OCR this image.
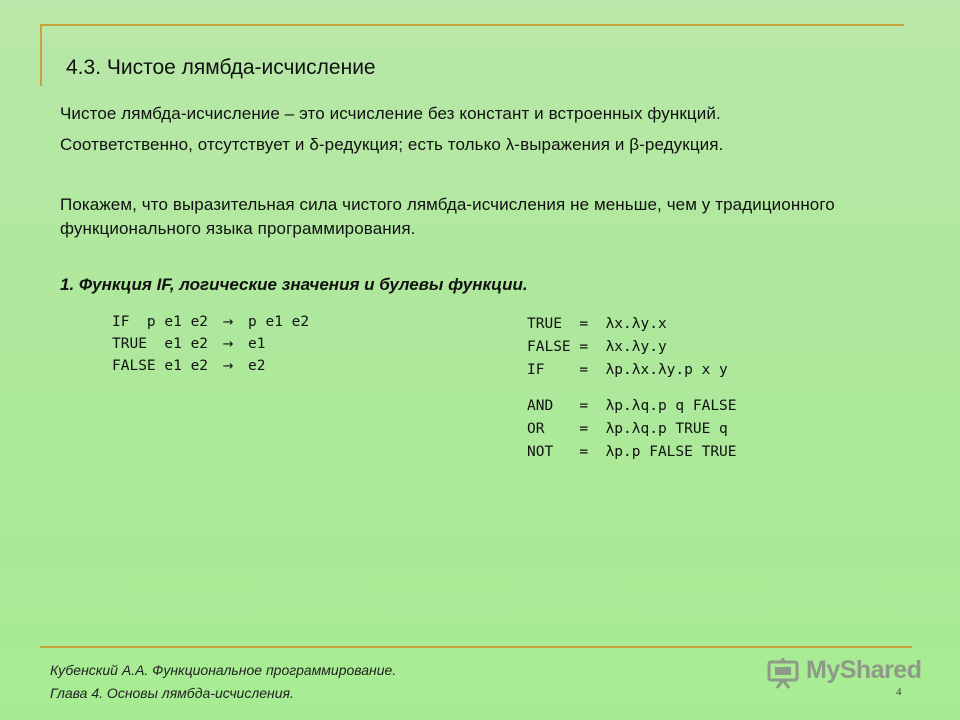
4.3. Чистое лямбда-исчисление
Чистое лямбда-исчисление – это исчисление без констант и встроенных функций.
Соответственно, отсутствует и δ-редукция; есть только λ-выражения и β-редукция.
Покажем, что выразительная сила чистого лямбда-исчисления не меньше, чем у традиционного функционального языка программирования.
1. Функция IF, логические значения и булевы функции.
IF  p e1 e2 → p e1 e2
TRUE  e1 e2 → e1
FALSE e1 e2 → e2
TRUE  =  λx.λy.x
FALSE =  λx.λy.y
IF    =  λp.λx.λy.p x y
AND   =  λp.λq.p q FALSE
OR    =  λp.λq.p TRUE q
NOT   =  λp.p FALSE TRUE
Кубенский А.А. Функциональное программирование.
Глава 4. Основы лямбда-исчисления.
MyShared
4
